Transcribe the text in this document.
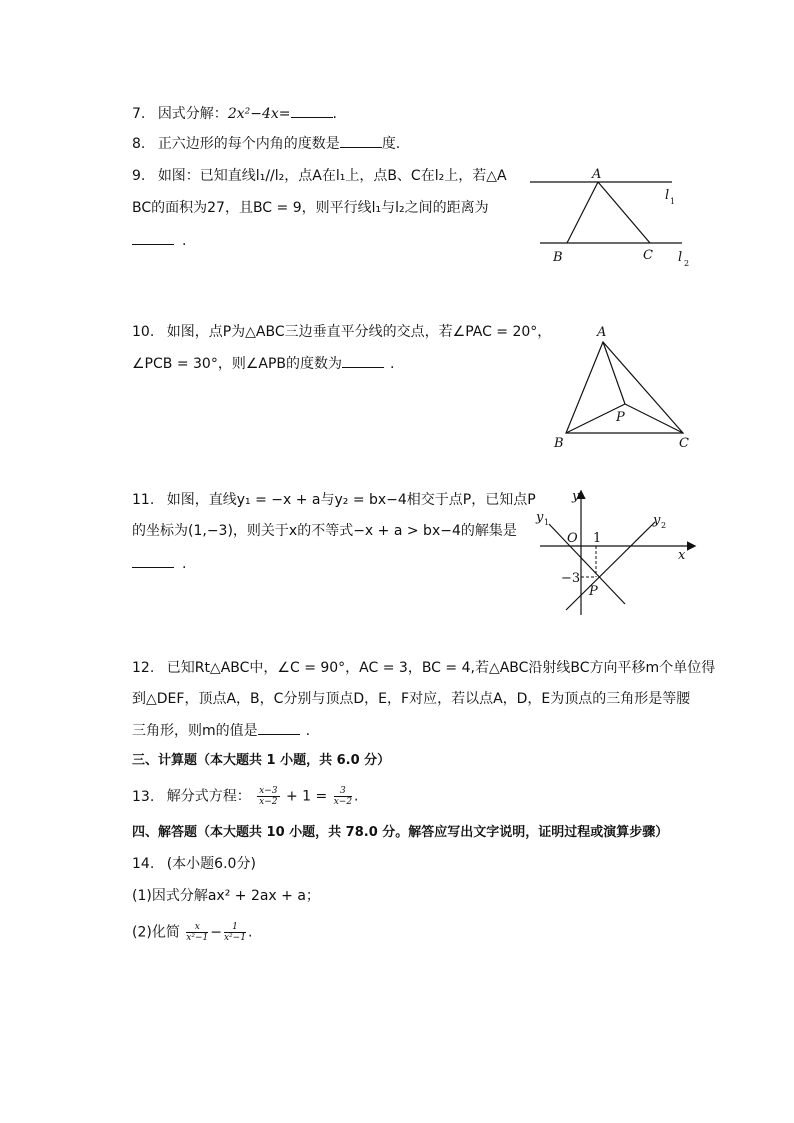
7. 因式分解：2x²−4x=	.
8. 正六边形的每个内角的度数是	度.
9. 如图：已知直线l₁//l₂，点A在l₁上，点B、C在l₂上，若△A
BC的面积为27，且BC = 9，则平行线l₁与l₂之间的距离为
.
A
B	C
l 1
l 2
10. 如图，点P为△ABC三边垂直平分线的交点，若∠PAC = 20°，
∠PCB = 30°，则∠APB的度数为	.
A
B	C
P
11. 如图，直线y₁ = −x + a与y₂ = bx−4相交于点P，已知点P
的坐标为(1,−3)，则关于x的不等式−x + a > bx−4的解集是
.
y
x
O 1
−3
P
y 1	y 2
12. 已知Rt△ABC中，∠C = 90°，AC = 3，BC = 4,若△ABC沿射线BC方向平移m个单位得
到△DEF，顶点A，B，C分别与顶点D，E，F对应，若以点A，D，E为顶点的三角形是等腰
三角形，则m的值是	.
三、计算题（本大题共 1 小题，共 6.0 分）
13. 解分式方程： $\frac{x-3}{x-2} + 1 = \frac{3}{x-2}$ .
四、解答题（本大题共 10 小题，共 78.0 分。解答应写出文字说明，证明过程或演算步骤）
14. (本小题6.0分)
(1)因式分解ax² + 2ax + a；
(2)化简 $\frac{x}{\text{x²−1}} - \frac{1}{\text{x²−1}}$ .
